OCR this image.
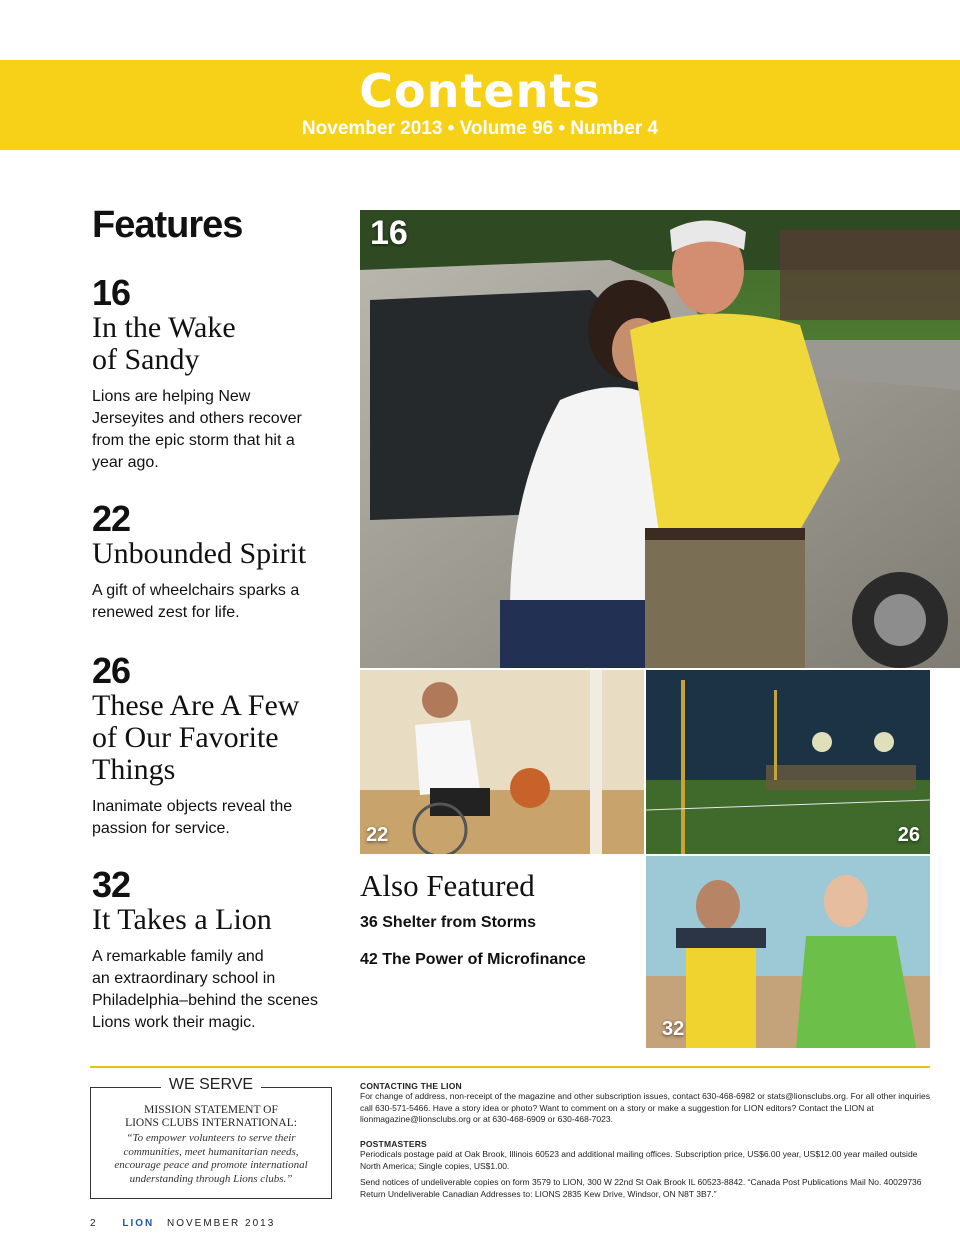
Contents
November 2013 • Volume 96 • Number 4
Features
16
In the Wake
of Sandy
Lions are helping New
Jerseyites and others recover
from the epic storm that hit a
year ago.
22
Unbounded Spirit
A gift of wheelchairs sparks a
renewed zest for life.
26
These Are A Few
of Our Favorite
Things
Inanimate objects reveal the
passion for service.
32
It Takes a Lion
A remarkable family and
an extraordinary school in
Philadelphia–behind the scenes
Lions work their magic.
16
22	26
32
Also Featured
36 Shelter from Storms
42 The Power of Microfinance
WE SERVE
MISSION STATEMENT OF
LIONS CLUBS INTERNATIONAL:
“To empower volunteers to serve their
communities, meet humanitarian needs,
encourage peace and promote international
understanding through Lions clubs.”
CONTACTING THE LION
For change of address, non-receipt of the magazine and other subscription issues, contact 630-468-6982 or stats@lionsclubs.org. For all other inquiries call 630-571-5466. Have a story idea or photo? Want to comment on a story or make a suggestion for LION editors? Contact the LION at lionmagazine@lionsclubs.org or at 630-468-6909 or 630-468-7023.
POSTMASTERS
Periodicals postage paid at Oak Brook, Illinois 60523 and additional mailing offices. Subscription price, US$6.00 year, US$12.00 year mailed outside North America; Single copies, US$1.00.
Send notices of undeliverable copies on form 3579 to LION, 300 W 22nd St Oak Brook IL 60523-8842. “Canada Post Publications Mail No. 40029736 Return Undeliverable Canadian Addresses to: LIONS 2835 Kew Drive, Windsor, ON N8T 3B7.”
2 LION NOVEMBER 2013
